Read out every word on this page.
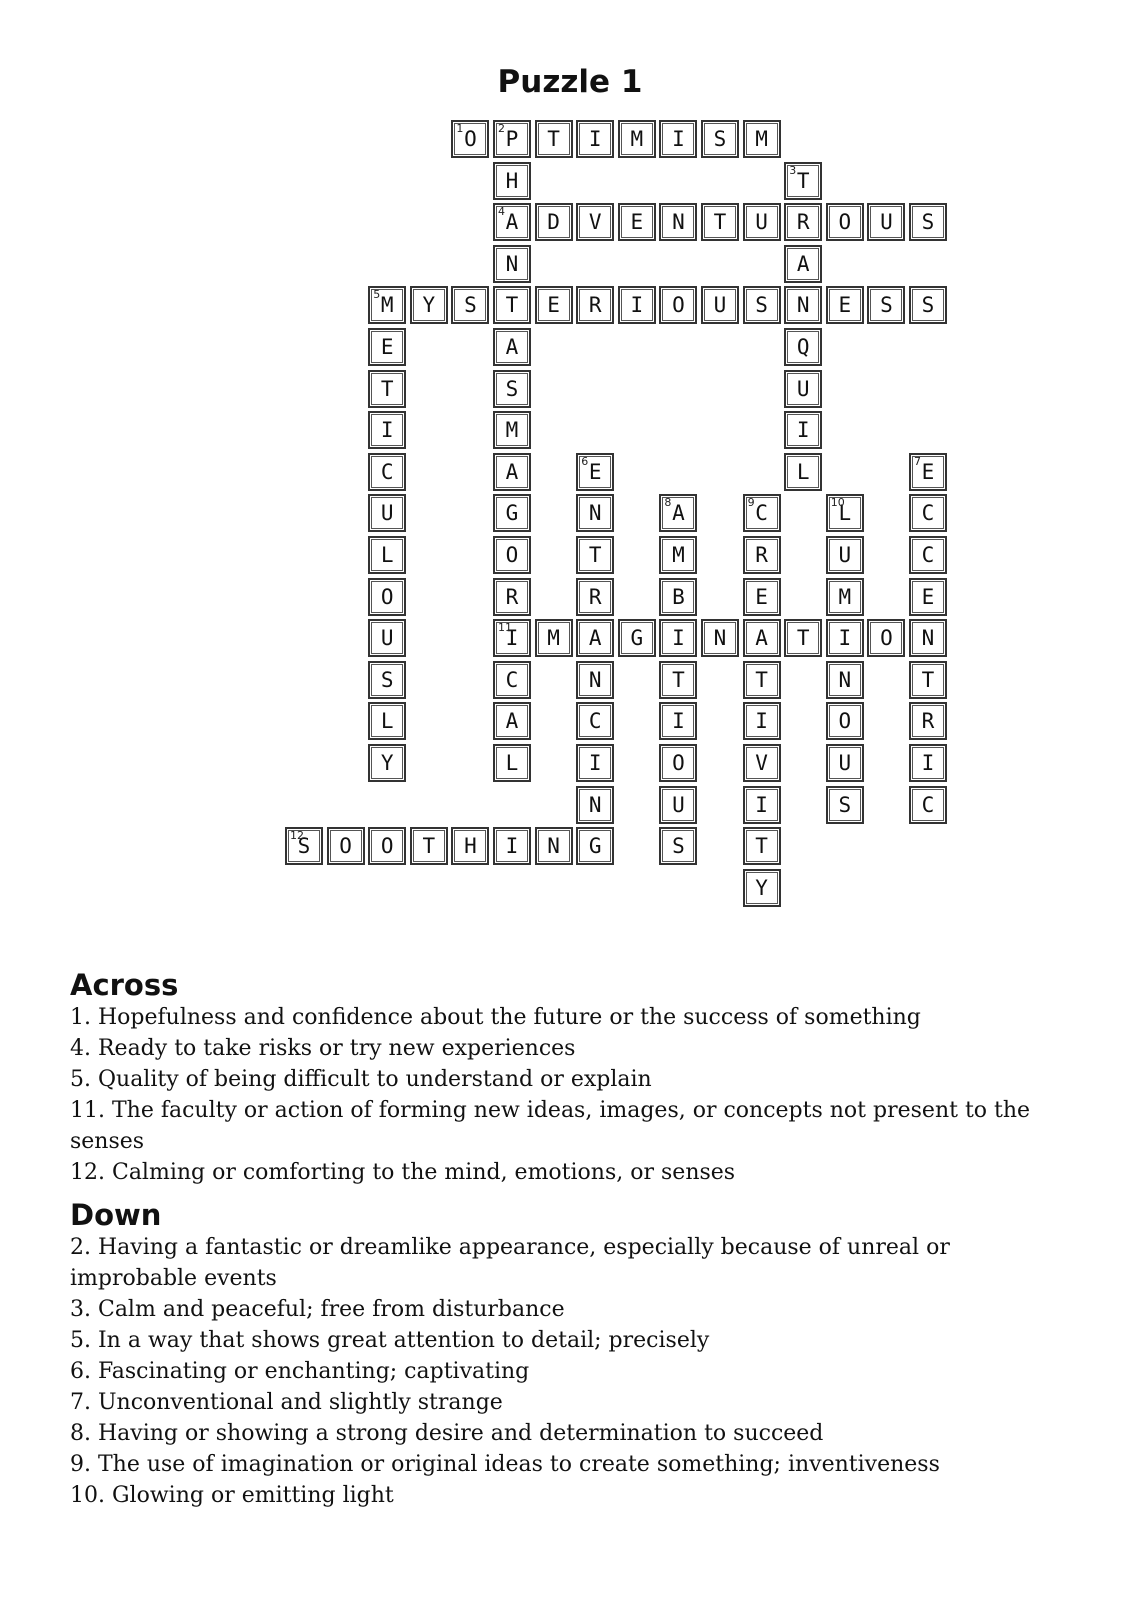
Puzzle 1
O
1	P
2	T	I	M	I	S	M
H
A
4
N
T
A
S
M
A
G
O
R
I
11
C
A
L
T
3
R
A
N
Q
U
I
L
D	V	E	N	T	U	O	U	S
M
5	Y	S	E	R	I	O	U	S	E	S	S
E
T
I
C
U
L
O
U
S
L
Y
E
6
N
T
R
A
N
C
I
N
G
E
7
C
C
E
N
T
R
I
C
A
8
M
B
I
T
I
O
U
S
C
9
R
E
A
T
I
V
I
T
Y
L
10
U
M
I
N
O
U
S
M	G	N	T	O
S
12	O	O	T	H	I	N
Across

1. Hopefulness and confidence about the future or the success of something

4. Ready to take risks or try new experiences

5. Quality of being difficult to understand or explain

11. The faculty or action of forming new ideas, images, or concepts not present to the senses

12. Calming or comforting to the mind, emotions, or senses

Down

2. Having a fantastic or dreamlike appearance, especially because of unreal or improbable events

3. Calm and peaceful; free from disturbance

5. In a way that shows great attention to detail; precisely

6. Fascinating or enchanting; captivating

7. Unconventional and slightly strange

8. Having or showing a strong desire and determination to succeed

9. The use of imagination or original ideas to create something; inventiveness

10. Glowing or emitting light
